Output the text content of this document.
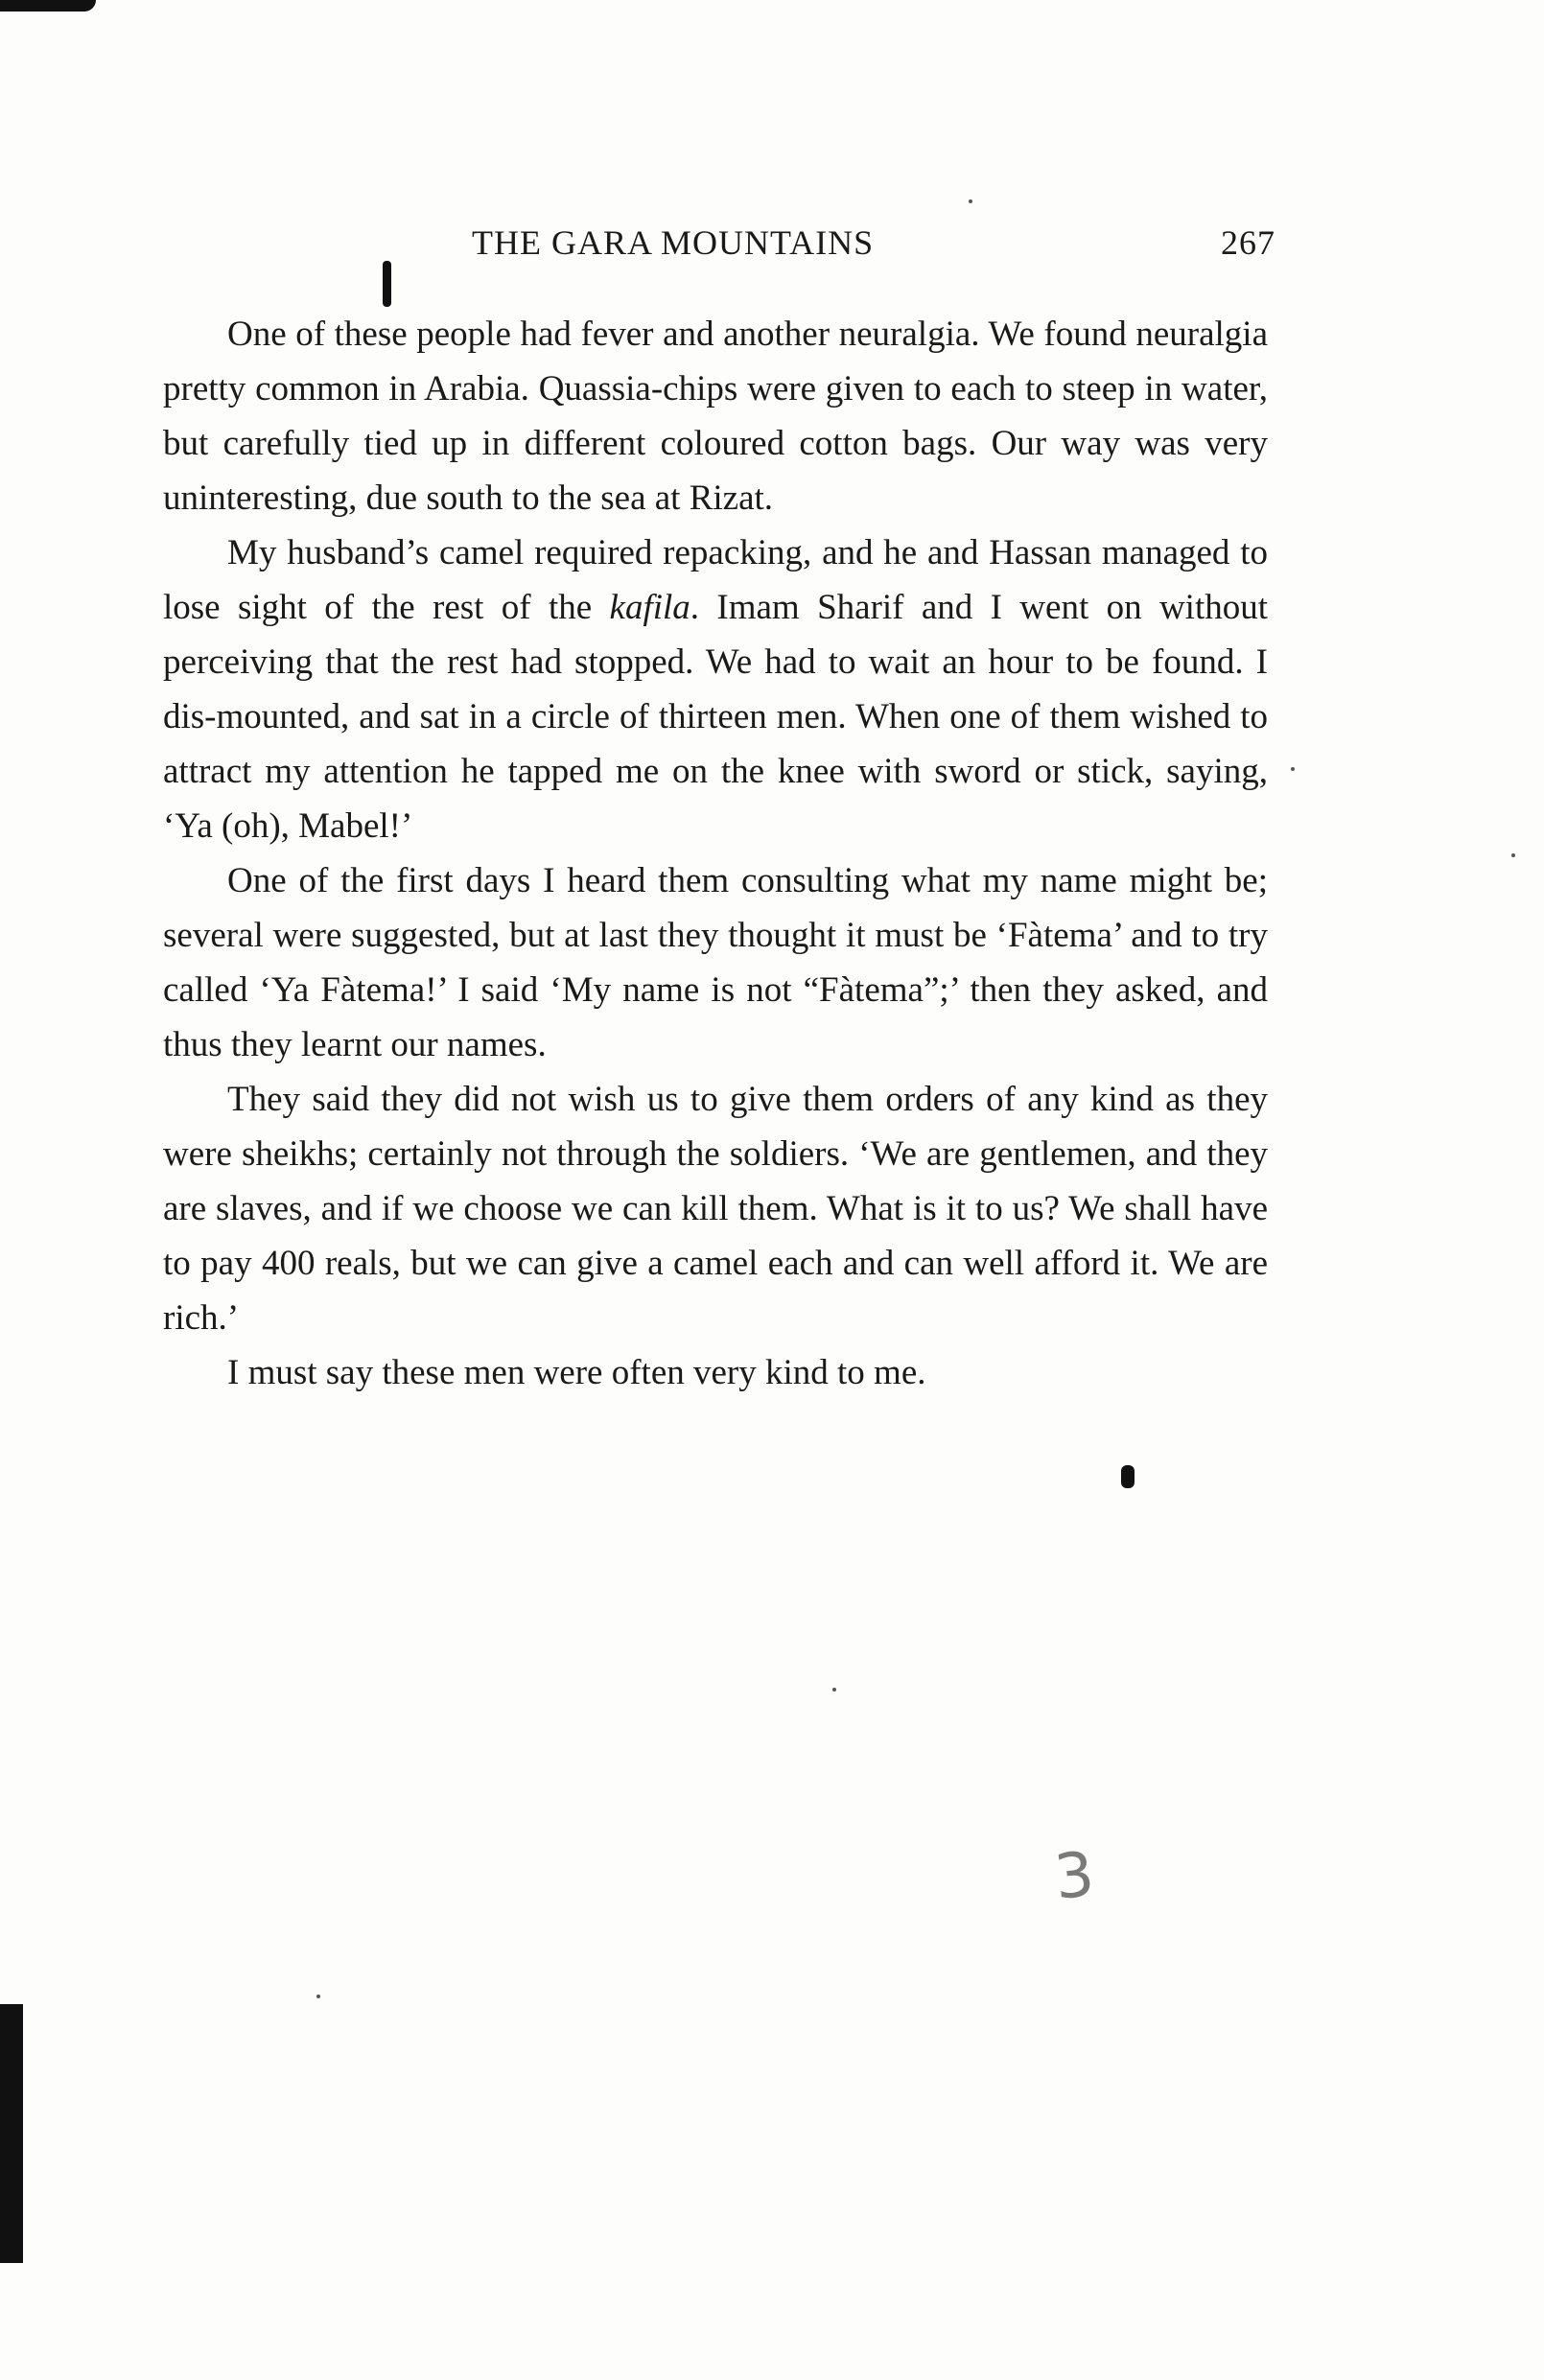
THE GARA MOUNTAINS	267

One of these people had fever and another neuralgia. We found neuralgia pretty common in Arabia. Quassia-chips were given to each to steep in water, but carefully tied up in different coloured cotton bags. Our way was very uninteresting, due south to the sea at Rizat.

My husband’s camel required repacking, and he and Hassan managed to lose sight of the rest of the kafila. Imam Sharif and I went on without perceiving that the rest had stopped. We had to wait an hour to be found. I dis-mounted, and sat in a circle of thirteen men. When one of them wished to attract my attention he tapped me on the knee with sword or stick, saying, ‘Ya (oh), Mabel!’

One of the first days I heard them consulting what my name might be; several were suggested, but at last they thought it must be ‘Fàtema’ and to try called ‘Ya Fàtema!’ I said ‘My name is not “Fàtema”;’ then they asked, and thus they learnt our names.

They said they did not wish us to give them orders of any kind as they were sheikhs; certainly not through the soldiers. ‘We are gentlemen, and they are slaves, and if we choose we can kill them. What is it to us? We shall have to pay 400 reals, but we can give a camel each and can well afford it. We are rich.’

I must say these men were often very kind to me.

3
